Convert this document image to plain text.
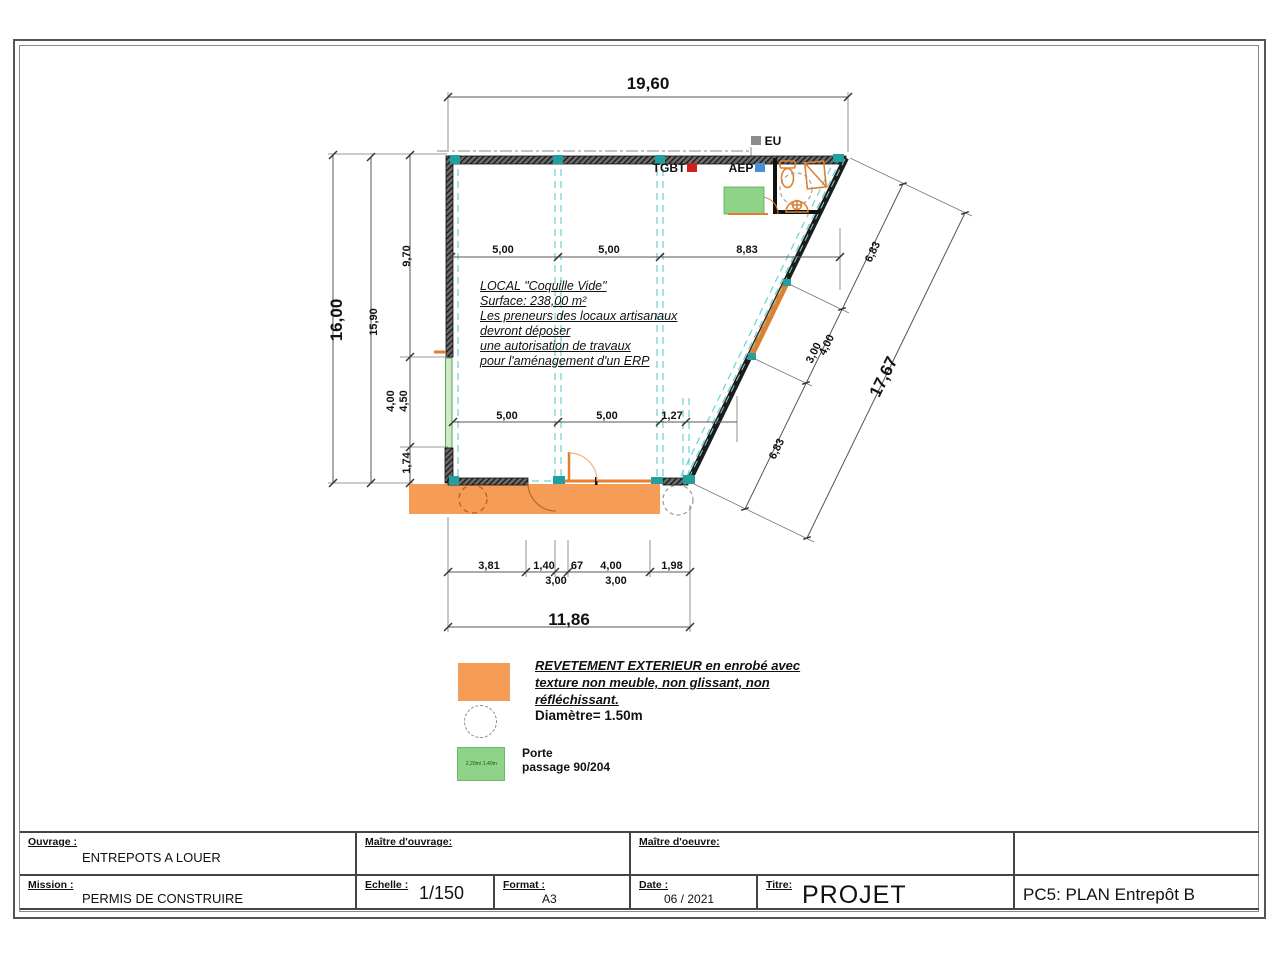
19,60
16,00 15,90
9,70
4,50
4,00
1,74
5,00	5,00	8,83
5,00	5,00	1,27
6,83
4,00
3,00
6,83
17,67
3,81	1,40 67 4,00	1,98
3,00	3,00
11,86
TGBT	AEP
EU
LOCAL "Coquille Vide"
Surface: 238,00 m²
Les preneurs des locaux artisanaux
devront déposer
une autorisation de travaux
pour l'aménagement d'un ERP
REVETEMENT EXTERIEUR en enrobé avec
texture non meuble, non glissant, non
réfléchissant.
Diamètre= 1.50m
2,20m/ 1,40m
Porte
passage 90/204
Ouvrage :
ENTREPOTS A LOUER
Maître d'ouvrage:	Maître d'oeuvre:
Mission :
PERMIS DE CONSTRUIRE
Echelle : 1/150	Format :
A3
Date :
06 / 2021
Titre: PROJET	PC5: PLAN Entrepôt B
